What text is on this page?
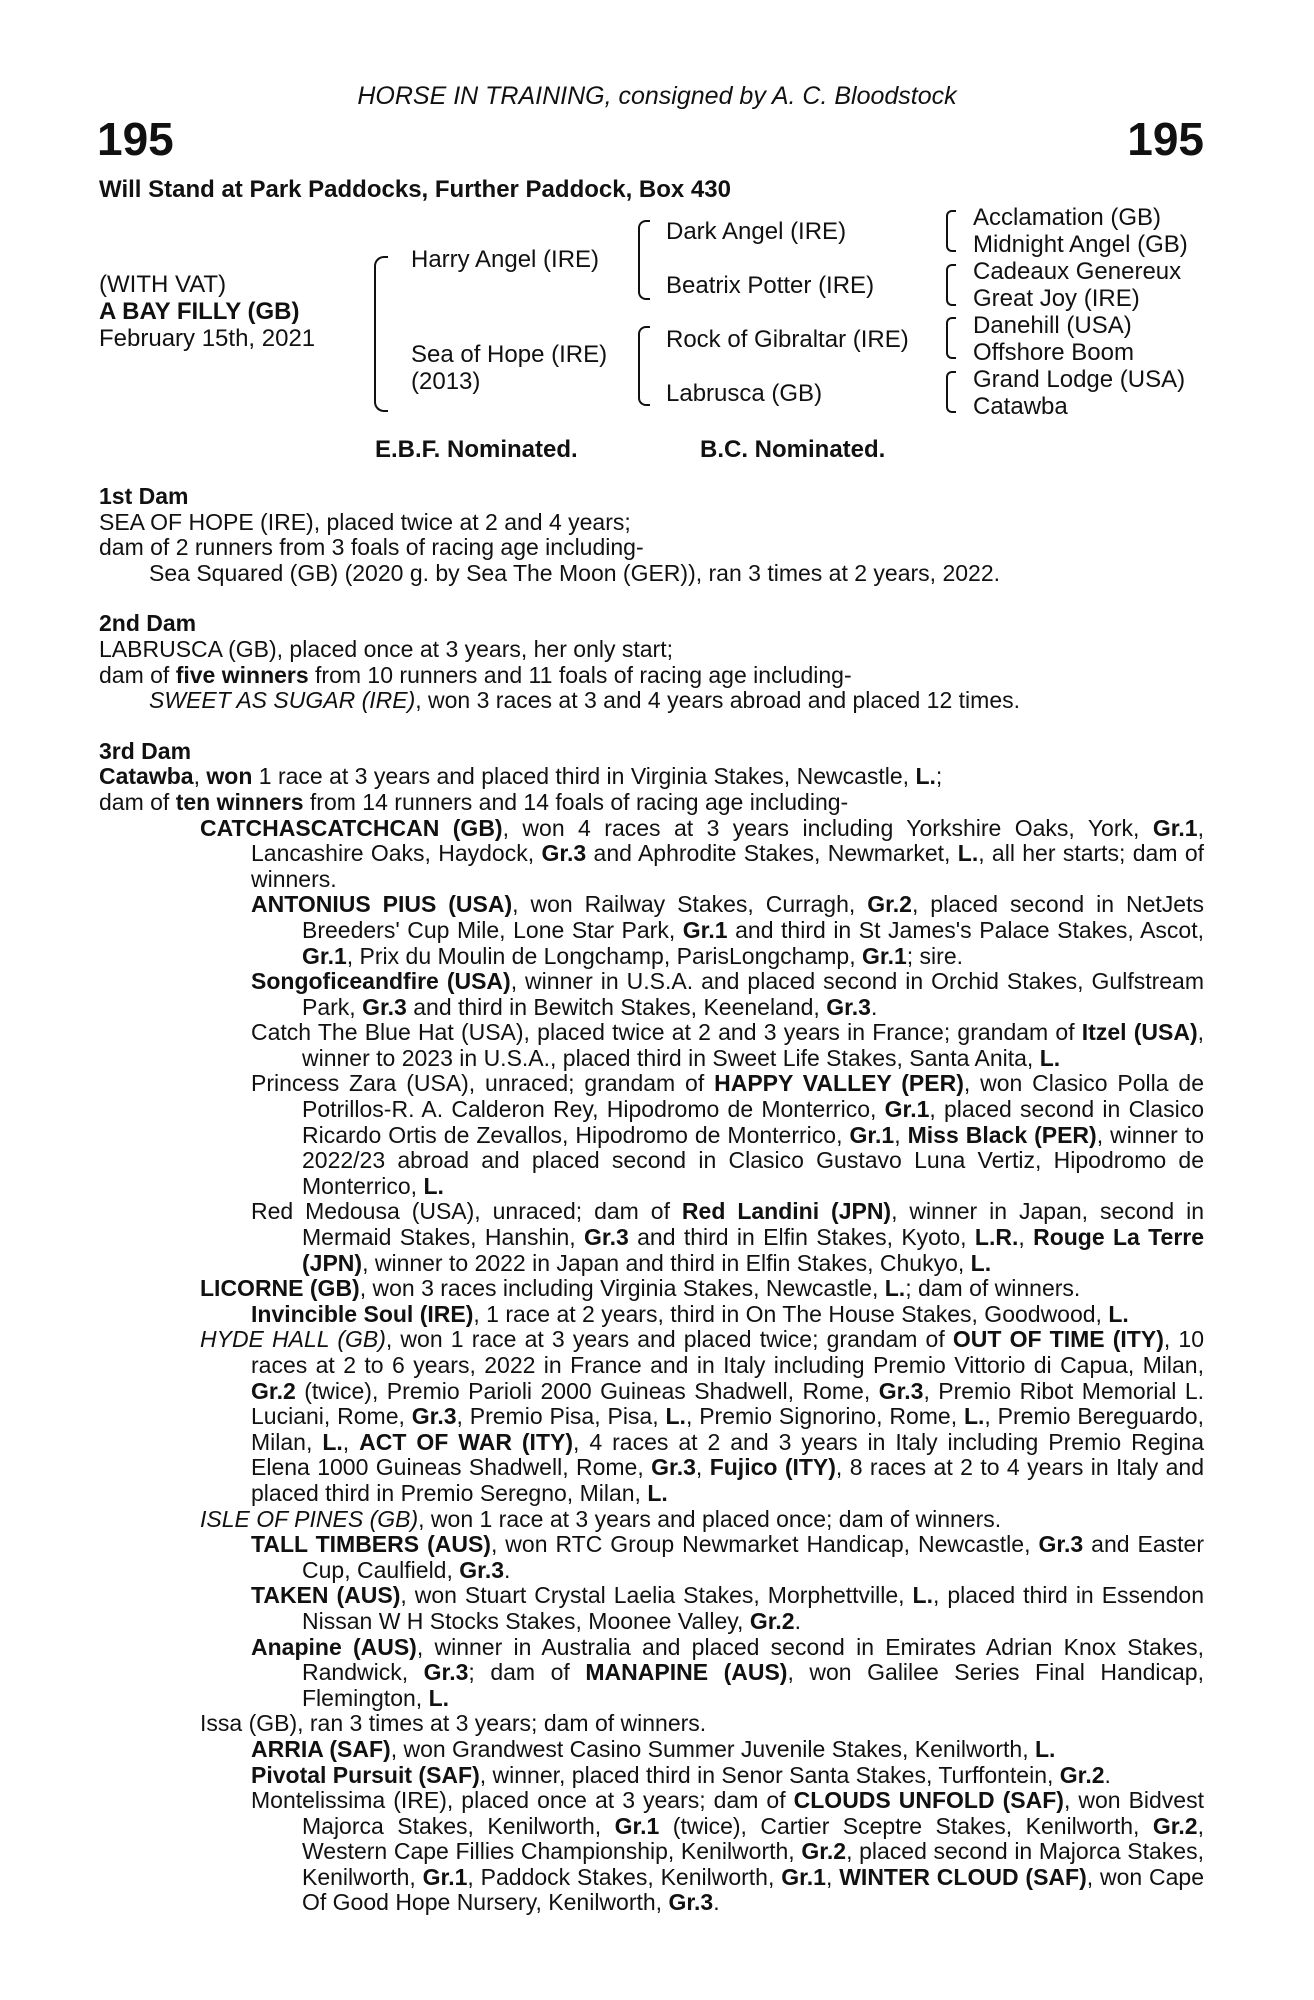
HORSE IN TRAINING, consigned by A. C. Bloodstock
195	195
Will Stand at Park Paddocks, Further Paddock, Box 430
(WITH VAT)
A BAY FILLY (GB)
February 15th, 2021
Harry Angel (IRE)
Sea of Hope (IRE)
(2013)
Dark Angel (IRE)
Beatrix Potter (IRE)
Rock of Gibraltar (IRE)
Labrusca (GB)
Acclamation (GB)
Midnight Angel (GB)
Cadeaux Genereux
Great Joy (IRE)
Danehill (USA)
Offshore Boom
Grand Lodge (USA)
Catawba
E.B.F. Nominated.	B.C. Nominated.

1st Dam

SEA OF HOPE (IRE), placed twice at 2 and 4 years;

dam of 2 runners from 3 foals of racing age including-

Sea Squared (GB) (2020 g. by Sea The Moon (GER)), ran 3 times at 2 years, 2022.

2nd Dam

LABRUSCA (GB), placed once at 3 years, her only start;

dam of five winners from 10 runners and 11 foals of racing age including-

SWEET AS SUGAR (IRE), won 3 races at 3 and 4 years abroad and placed 12 times.

3rd Dam

Catawba, won 1 race at 3 years and placed third in Virginia Stakes, Newcastle, L.;

dam of ten winners from 14 runners and 14 foals of racing age including-

CATCHASCATCHCAN (GB), won 4 races at 3 years including Yorkshire Oaks, York, Gr.1, Lancashire Oaks, Haydock, Gr.3 and Aphrodite Stakes, Newmarket, L., all her starts; dam of winners.

ANTONIUS PIUS (USA), won Railway Stakes, Curragh, Gr.2, placed second in NetJets Breeders' Cup Mile, Lone Star Park, Gr.1 and third in St James's Palace Stakes, Ascot, Gr.1, Prix du Moulin de Longchamp, ParisLongchamp, Gr.1; sire.

Songoficeandfire (USA), winner in U.S.A. and placed second in Orchid Stakes, Gulfstream Park, Gr.3 and third in Bewitch Stakes, Keeneland, Gr.3.

Catch The Blue Hat (USA), placed twice at 2 and 3 years in France; grandam of Itzel (USA), winner to 2023 in U.S.A., placed third in Sweet Life Stakes, Santa Anita, L.

Princess Zara (USA), unraced; grandam of HAPPY VALLEY (PER), won Clasico Polla de Potrillos-R. A. Calderon Rey, Hipodromo de Monterrico, Gr.1, placed second in Clasico Ricardo Ortis de Zevallos, Hipodromo de Monterrico, Gr.1, Miss Black (PER), winner to 2022/23 abroad and placed second in Clasico Gustavo Luna Vertiz, Hipodromo de Monterrico, L.

Red Medousa (USA), unraced; dam of Red Landini (JPN), winner in Japan, second in Mermaid Stakes, Hanshin, Gr.3 and third in Elfin Stakes, Kyoto, L.R., Rouge La Terre (JPN), winner to 2022 in Japan and third in Elfin Stakes, Chukyo, L.

LICORNE (GB), won 3 races including Virginia Stakes, Newcastle, L.; dam of winners.

Invincible Soul (IRE), 1 race at 2 years, third in On The House Stakes, Goodwood, L.

HYDE HALL (GB), won 1 race at 3 years and placed twice; grandam of OUT OF TIME (ITY), 10 races at 2 to 6 years, 2022 in France and in Italy including Premio Vittorio di Capua, Milan, Gr.2 (twice), Premio Parioli 2000 Guineas Shadwell, Rome, Gr.3, Premio Ribot Memorial L. Luciani, Rome, Gr.3, Premio Pisa, Pisa, L., Premio Signorino, Rome, L., Premio Bereguardo, Milan, L., ACT OF WAR (ITY), 4 races at 2 and 3 years in Italy including Premio Regina Elena 1000 Guineas Shadwell, Rome, Gr.3, Fujico (ITY), 8 races at 2 to 4 years in Italy and placed third in Premio Seregno, Milan, L.

ISLE OF PINES (GB), won 1 race at 3 years and placed once; dam of winners.

TALL TIMBERS (AUS), won RTC Group Newmarket Handicap, Newcastle, Gr.3 and Easter Cup, Caulfield, Gr.3.

TAKEN (AUS), won Stuart Crystal Laelia Stakes, Morphettville, L., placed third in Essendon Nissan W H Stocks Stakes, Moonee Valley, Gr.2.

Anapine (AUS), winner in Australia and placed second in Emirates Adrian Knox Stakes, Randwick, Gr.3; dam of MANAPINE (AUS), won Galilee Series Final Handicap, Flemington, L.

Issa (GB), ran 3 times at 3 years; dam of winners.

ARRIA (SAF), won Grandwest Casino Summer Juvenile Stakes, Kenilworth, L.

Pivotal Pursuit (SAF), winner, placed third in Senor Santa Stakes, Turffontein, Gr.2.

Montelissima (IRE), placed once at 3 years; dam of CLOUDS UNFOLD (SAF), won Bidvest Majorca Stakes, Kenilworth, Gr.1 (twice), Cartier Sceptre Stakes, Kenilworth, Gr.2, Western Cape Fillies Championship, Kenilworth, Gr.2, placed second in Majorca Stakes, Kenilworth, Gr.1, Paddock Stakes, Kenilworth, Gr.1, WINTER CLOUD (SAF), won Cape Of Good Hope Nursery, Kenilworth, Gr.3.
